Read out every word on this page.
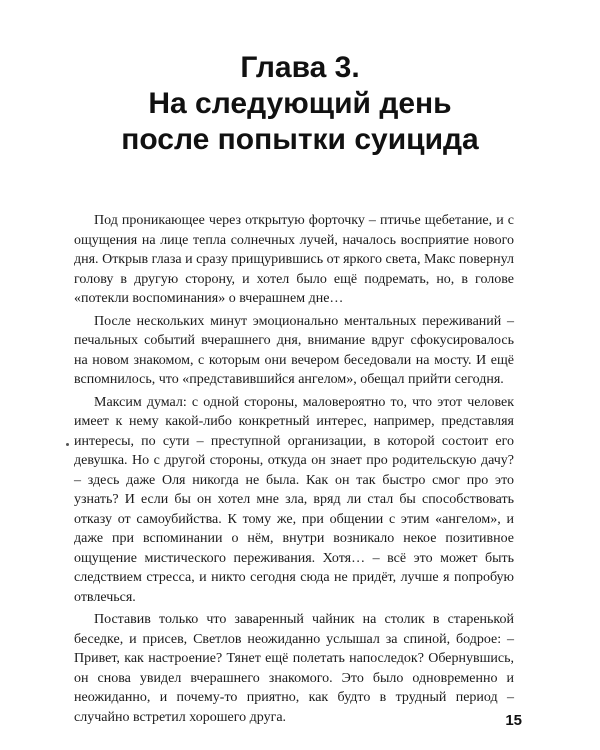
Глава 3.
На следующий день
после попытки суицида

Под проникающее через открытую форточку – птичье щебетание, и с ощущения на лице тепла солнечных лучей, началось восприятие нового дня. Открыв глаза и сразу прищурившись от яркого света, Макс повернул голову в другую сторону, и хотел было ещё подремать, но, в голове «потекли воспоминания» о вчерашнем дне…

После нескольких минут эмоционально ментальных переживаний – печальных событий вчерашнего дня, внимание вдруг сфокусировалось на новом знакомом, с которым они вечером беседовали на мосту. И ещё вспомнилось, что «представившийся ангелом», обещал прийти сегодня.

Максим думал: с одной стороны, маловероятно то, что этот человек имеет к нему какой-либо конкретный интерес, например, представляя интересы, по сути – преступной организации, в которой состоит его девушка. Но с другой стороны, откуда он знает про родительскую дачу? – здесь даже Оля никогда не была. Как он так быстро смог про это узнать? И если бы он хотел мне зла, вряд ли стал бы способствовать отказу от самоубийства. К тому же, при общении с этим «ангелом», и даже при вспоминании о нём, внутри возникало некое позитивное ощущение мистического переживания. Хотя… – всё это может быть следствием стресса, и никто сегодня сюда не придёт, лучше я попробую отвлечься.

Поставив только что заваренный чайник на столик в старенькой беседке, и присев, Светлов неожиданно услышал за спиной, бодрое: – Привет, как настроение? Тянет ещё полетать напоследок? Обернувшись, он снова увидел вчерашнего знакомого. Это было одновременно и неожиданно, и почему-то приятно, как будто в трудный период – случайно встретил хорошего друга.	15
